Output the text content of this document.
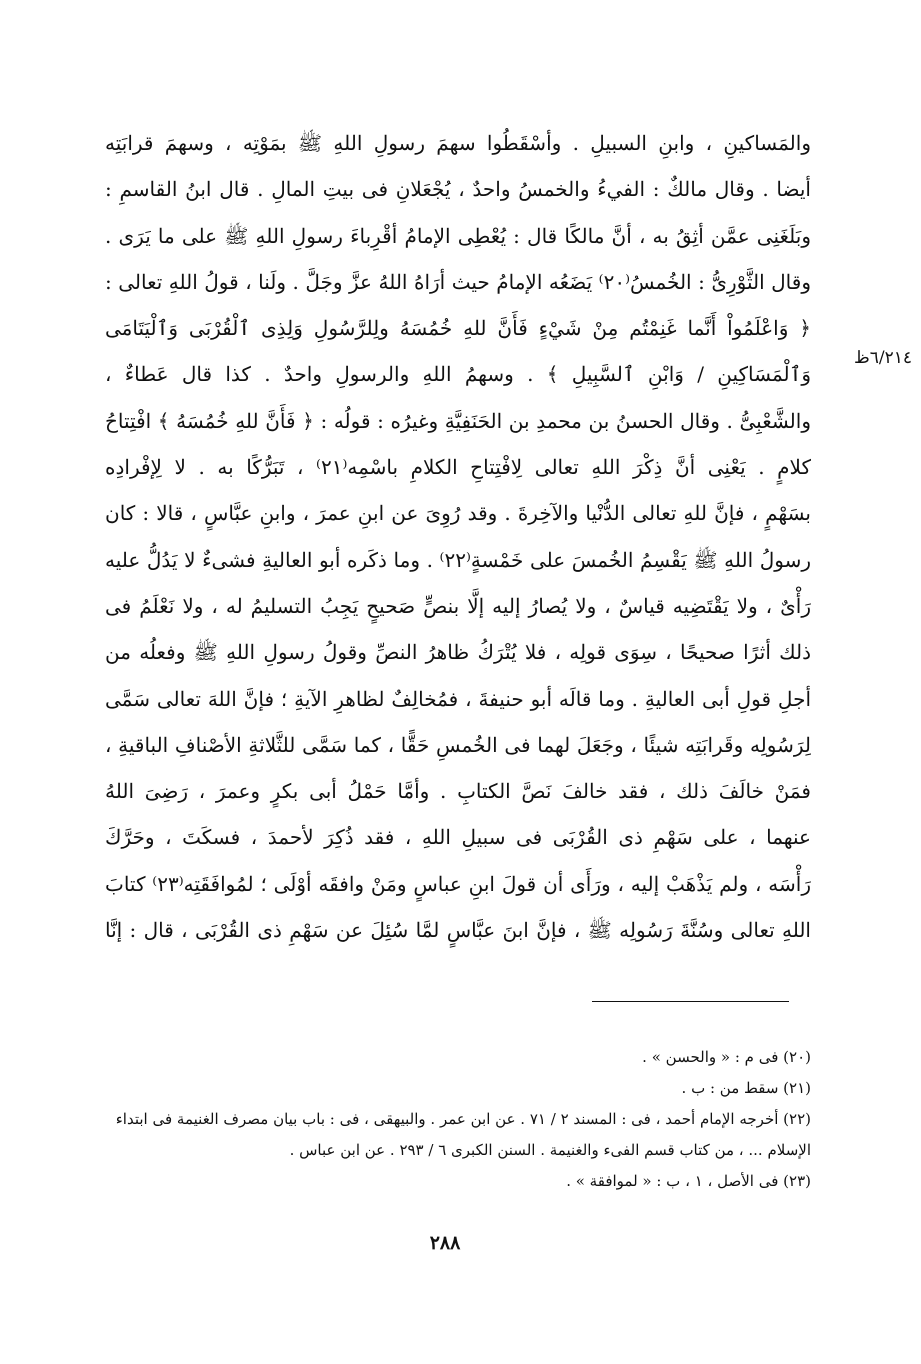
والمَساكينِ ، وابنِ السبيلِ . وأسْقَطُوا سهمَ رسولِ اللهِ ﷺ بمَوْتِه ، وسهمَ قرابَتِه
أيضا . وقال مالكٌ : الفيءُ والخمسُ واحدٌ ، يُجْعَلانِ فى بيتِ المالِ . قال ابنُ القاسمِ :
وبَلَغَنِى عمَّن أثِقُ به ، أنَّ مالكًا قال : يُعْطِى الإمامُ أقْرِباءَ رسولِ اللهِ ﷺ على ما يَرَى .
وقال الثَّوْرِىُّ : الخُمسُ⁽٢٠⁾ يَضَعُه الإمامُ حيث أرَاهُ اللهُ عزَّ وجَلَّ . ولَنا ، قولُ اللهِ تعالى :
﴿ وَاعْلَمُواْ أَنَّما غَنِمْتُم مِنْ شَيْءٍ فَأَنَّ للهِ خُمُسَهُ ولِلرَّسُولِ وَلِذِى ٱلْقُرْبَى وَٱلْيَتَامَى
وَٱلْمَسَاكِينِ / وَابْنِ ٱلسَّبِيلِ ﴾ . وسهمُ اللهِ والرسولِ واحدٌ . كذا قال عَطاءٌ ،
والشَّعْبِىُّ . وقال الحسنُ بن محمدِ بن الحَنَفِيَّةِ وغيرُه : قولُه : ﴿ فَأَنَّ للهِ خُمُسَهُ ﴾ افْتِتاحُ
كلامٍ . يَعْنِى أنَّ ذِكْرَ اللهِ تعالى لِافْتِتاحِ الكلامِ باسْمِه⁽٢١⁾ ، تَبَرُّكًا به . لا لِإفْرادِه
بسَهْمٍ ، فإنَّ للهِ تعالى الدُّنْيا والآخِرةَ . وقد رُوِىَ عن ابنِ عمرَ ، وابنِ عبَّاسٍ ، قالا : كان
رسولُ اللهِ ﷺ يَقْسِمُ الخُمسَ على خَمْسةٍ⁽٢٢⁾ . وما ذكَره أبو العاليةِ فشىءٌ لا يَدُلُّ عليه
رَأْىٌ ، ولا يَقْتَضِيه قياسٌ ، ولا يُصارُ إليه إلَّا بنصٍّ صَحيحٍ يَجِبُ التسليمُ له ، ولا نَعْلَمُ فى
ذلك أثرًا صحيحًا ، سِوَى قولِه ، فلا يُتْرَكُ ظاهرُ النصِّ وقولُ رسولِ اللهِ ﷺ وفعلُه من
أجلِ قولِ أبى العاليةِ . وما قالَه أبو حنيفةَ ، فمُخالِفٌ لظاهرِ الآيةِ ؛ فإنَّ اللهَ تعالى سَمَّى
لِرَسُولِه وقَرابَتِه شيئًا ، وجَعَلَ لهما فى الخُمسِ حَقًّا ، كما سَمَّى للثَّلاثةِ الأصْنافِ الباقيةِ ،
فمَنْ خالَفَ ذلك ، فقد خالفَ نَصَّ الكتابِ . وأمَّا حَمْلُ أبى بكرٍ وعمرَ ، رَضِىَ اللهُ
عنهما ، على سَهْمِ ذى القُرْبَى فى سبيلِ اللهِ ، فقد ذُكِرَ لأحمدَ ، فسكَتَ ، وحَرَّكَ
رَأْسَه ، ولم يَذْهَبْ إليه ، ورَأَى أن قولَ ابنِ عباسٍ ومَنْ وافقَه أوْلَى ؛ لمُوافَقَتِه⁽٢٣⁾ كتابَ
اللهِ تعالى وسُنَّةَ رَسُولِه ﷺ ، فإنَّ ابنَ عبَّاسٍ لمَّا سُئِلَ عن سَهْمِ ذى القُرْبَى ، قال : إنَّا
٦/٢١٤ظ
(٢٠) فى م : « والحسن » .
(٢١) سقط من : ب .
(٢٢) أخرجه الإمام أحمد ، فى : المسند ٢ / ٧١ . عن ابن عمر . والبيهقى ، فى : باب بيان مصرف الغنيمة فى ابتداء
الإسلام ... ، من كتاب قسم الفىء والغنيمة . السنن الكبرى ٦ / ٢٩٣ . عن ابن عباس .
(٢٣) فى الأصل ، ١ ، ب : « لموافقة » .
٢٨٨
